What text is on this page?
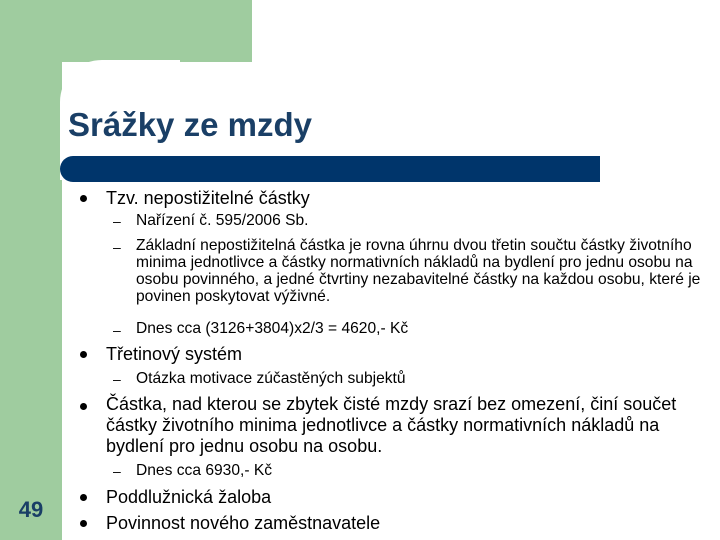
Srážky ze mzdy
49
Tzv. nepostižitelné částky
– Nařízení č. 595/2006 Sb.
– Základní nepostižitelná částka je rovna úhrnu dvou třetin součtu částky životního minima jednotlivce a částky normativních nákladů na bydlení pro jednu osobu na osobu povinného, a jedné čtvrtiny nezabavitelné částky na každou osobu, které je povinen poskytovat výživné.
– Dnes cca (3126+3804)x2/3 = 4620,- Kč
Třetinový systém
– Otázka motivace zúčastěných subjektů
Částka, nad kterou se zbytek čisté mzdy srazí bez omezení, činí součet částky životního minima jednotlivce a částky normativních nákladů na bydlení pro jednu osobu na osobu.
– Dnes cca 6930,- Kč
Poddlužnická žaloba
Povinnost nového zaměstnavatele
